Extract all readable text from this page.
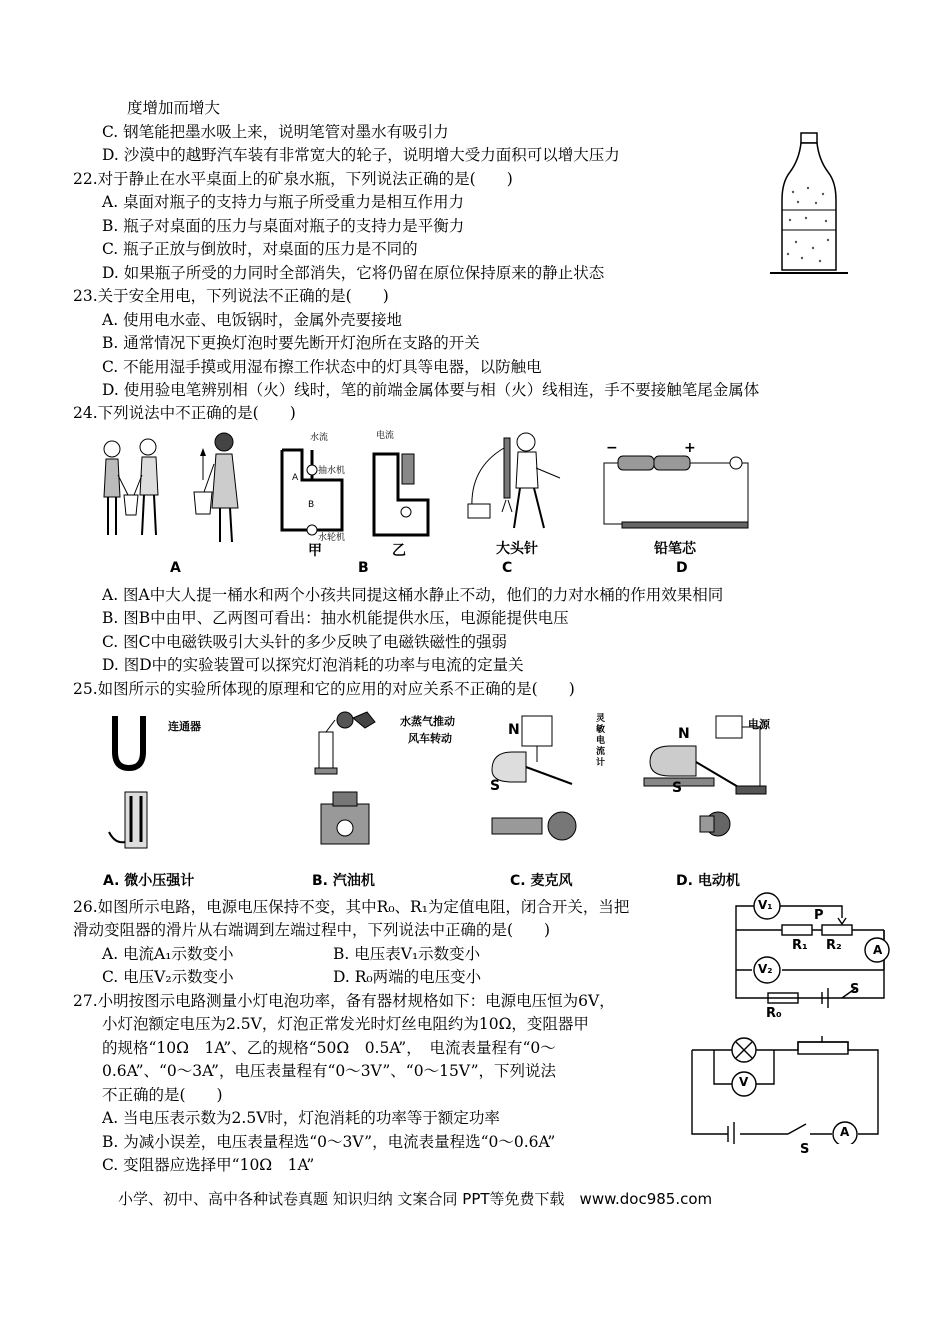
度增加而增大
C. 钢笔能把墨水吸上来，说明笔管对墨水有吸引力
D. 沙漠中的越野汽车装有非常宽大的轮子，说明增大受力面积可以增大压力
22.对于静止在水平桌面上的矿泉水瓶，下列说法正确的是(　　)
A. 桌面对瓶子的支持力与瓶子所受重力是相互作用力
B. 瓶子对桌面的压力与桌面对瓶子的支持力是平衡力
C. 瓶子正放与倒放时，对桌面的压力是不同的
D. 如果瓶子所受的力同时全部消失，它将仍留在原位保持原来的静止状态
23.关于安全用电，下列说法不正确的是(　　)
A. 使用电水壶、电饭锅时，金属外壳要接地
B. 通常情况下更换灯泡时要先断开灯泡所在支路的开关
C. 不能用湿手摸或用湿布擦工作状态中的灯具等电器，以防触电
D. 使用验电笔辨别相（火）线时，笔的前端金属体要与相（火）线相连，手不要接触笔尾金属体
24.下列说法中不正确的是(　　)
A. 图A中大人提一桶水和两个小孩共同提这桶水静止不动，他们的力对水桶的作用效果相同
B. 图B中由甲、乙两图可看出：抽水机能提供水压，电源能提供电压
C. 图C中电磁铁吸引大头针的多少反映了电磁铁磁性的强弱
D. 图D中的实验装置可以探究灯泡消耗的功率与电流的定量关
25.如图所示的实验所体现的原理和它的应用的对应关系不正确的是(　　)
26.如图所示电路，电源电压保持不变，其中R₀、R₁为定值电阻，闭合开关，当把
滑动变阻器的滑片从右端调到左端过程中，下列说法中正确的是(　　)
A. 电流A₁示数变小	B. 电压表V₁示数变小
C. 电压V₂示数变小	D. R₀两端的电压变小
27.小明按图示电路测量小灯电泡功率，备有器材规格如下：电源电压恒为6V，
小灯泡额定电压为2.5V，灯泡正常发光时灯丝电阻约为10Ω，变阻器甲
的规格“10Ω　1A”、乙的规格“50Ω　0.5A”，　电流表量程有“0～
0.6A”、“0～3A”，电压表量程有“0～3V”、“0～15V”，下列说法
不正确的是(　　)
A. 当电压表示数为2.5V时，灯泡消耗的功率等于额定功率
B. 为减小误差，电压表量程选“0～3V”，电流表量程选“0～0.6A”
C. 变阻器应选择甲“10Ω　1A”
A
水流
抽水机
水轮机
A
B
甲
电流
乙
B
大头针
C
−	+
铅笔芯
D
连通器
A. 微小压强计
水蒸气推动
风车转动
B. 汽油机
N
S
灵敏电流计
C. 麦克风
电源
N
S
D. 电动机
V₁
P
R₁ R₂	A
V₂
S
R₀
V
S
A
小学、初中、高中各种试卷真题 知识归纳 文案合同 PPT等免费下载　www.doc985.com
